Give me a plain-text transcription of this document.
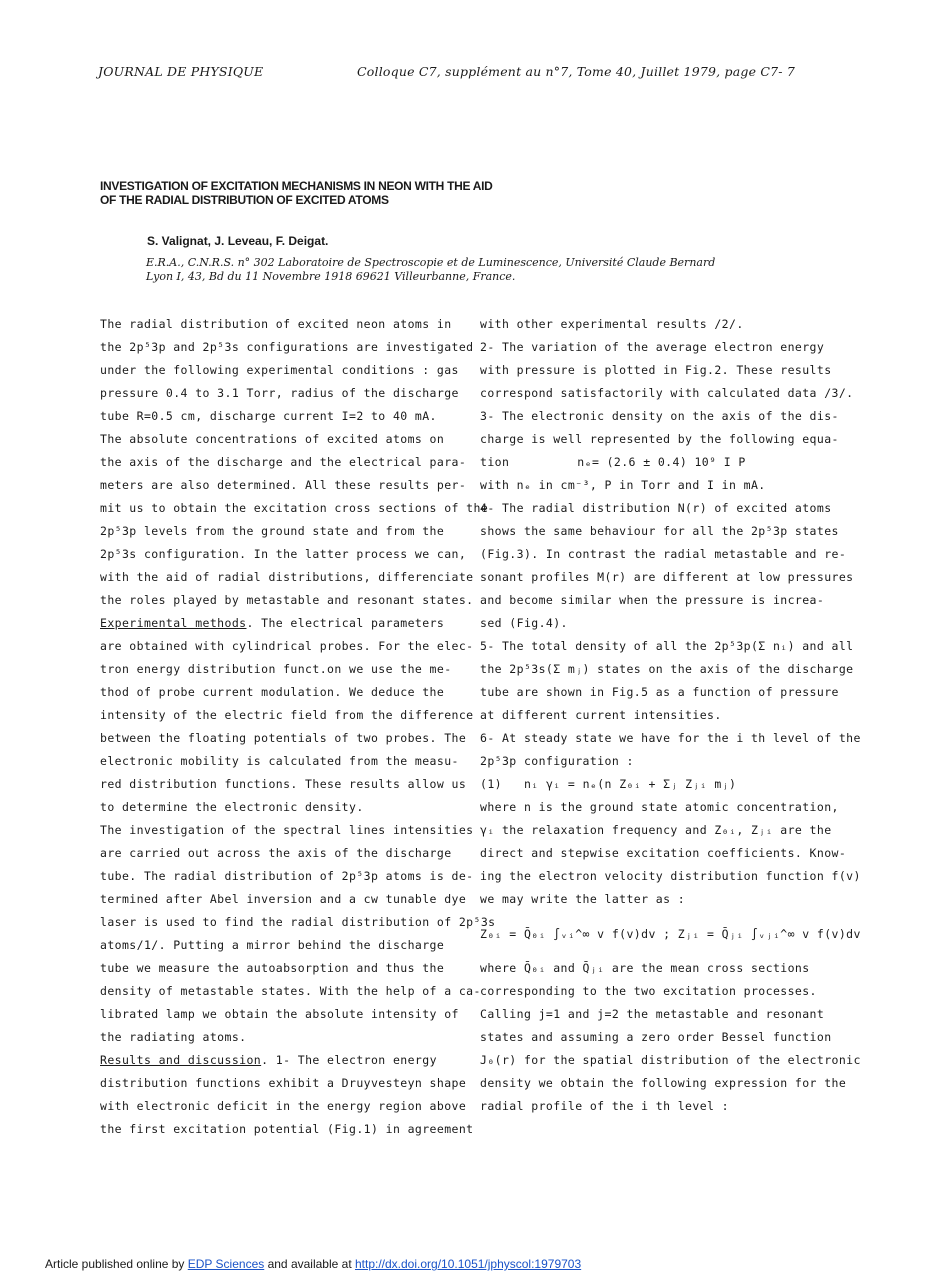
JOURNAL DE PHYSIQUE	Colloque C7, supplément au n°7, Tome 40, Juillet 1979, page C7- 7
INVESTIGATION OF EXCITATION MECHANISMS IN NEON WITH THE AID
OF THE RADIAL DISTRIBUTION OF EXCITED ATOMS
S. Valignat, J. Leveau, F. Deigat.
E.R.A., C.N.R.S. n° 302 Laboratoire de Spectroscopie et de Luminescence, Université Claude Bernard
Lyon I, 43, Bd du 11 Novembre 1918 69621 Villeurbanne, France.
The radial distribution of excited neon atoms in
the 2p⁵3p and 2p⁵3s configurations are investigated
under the following experimental conditions : gas
pressure 0.4 to 3.1 Torr, radius of the discharge
tube R=0.5 cm, discharge current I=2 to 40 mA.
The absolute concentrations of excited atoms on
the axis of the discharge and the electrical para-
meters are also determined. All these results per-
mit us to obtain the excitation cross sections of the
2p⁵3p levels from the ground state and from the
2p⁵3s configuration. In the latter process we can,
with the aid of radial distributions, differenciate
the roles played by metastable and resonant states.
Experimental methods. The electrical parameters
are obtained with cylindrical probes. For the elec-
tron energy distribution funct.on we use the me-
thod of probe current modulation. We deduce the
intensity of the electric field from the difference
between the floating potentials of two probes. The
electronic mobility is calculated from the measu-
red distribution functions. These results allow us
to determine the electronic density.
The investigation of the spectral lines intensities
are carried out across the axis of the discharge
tube. The radial distribution of 2p⁵3p atoms is de-
termined after Abel inversion and a cw tunable dye
laser is used to find the radial distribution of 2p⁵3s
atoms/1/. Putting a mirror behind the discharge
tube we measure the autoabsorption and thus the
density of metastable states. With the help of a ca-
librated lamp we obtain the absolute intensity of
the radiating atoms.
Results and discussion. 1- The electron energy
distribution functions exhibit a Druyvesteyn shape
with electronic deficit in the energy region above
the first excitation potential (Fig.1) in agreement
with other experimental results /2/.
2- The variation of the average electron energy
with pressure is plotted in Fig.2. These results
correspond satisfactorily with calculated data /3/.
3- The electronic density on the axis of the dis-
charge is well represented by the following equa-
tion	nₑ= (2.6 ± 0.4) 10⁹ I P
with nₑ in cm⁻³, P in Torr and I in mA.
4- The radial distribution N(r) of excited atoms
shows the same behaviour for all the 2p⁵3p states
(Fig.3). In contrast the radial metastable and re-
sonant profiles M(r) are different at low pressures
and become similar when the pressure is increa-
sed (Fig.4).
5- The total density of all the 2p⁵3p(Σ nᵢ) and all
the 2p⁵3s(Σ mⱼ) states on the axis of the discharge
tube are shown in Fig.5 as a function of pressure
at different current intensities.
6- At steady state we have for the i th level of the
2p⁵3p configuration :
(1) nᵢ γᵢ = nₑ(n Z₀ᵢ + Σⱼ Zⱼᵢ mⱼ)
where n is the ground state atomic concentration,
γᵢ the relaxation frequency and Z₀ᵢ, Zⱼᵢ are the
direct and stepwise excitation coefficients. Know-
ing the electron velocity distribution function f(v)
we may write the latter as :
Z₀ᵢ = Q̄₀ᵢ ∫ᵥᵢ^∞ v f(v)dv ; Zⱼᵢ = Q̄ⱼᵢ ∫ᵥⱼᵢ^∞ v f(v)dv
where Q̄₀ᵢ and Q̄ⱼᵢ are the mean cross sections
corresponding to the two excitation processes.
Calling j=1 and j=2 the metastable and resonant
states and assuming a zero order Bessel function
J₀(r) for the spatial distribution of the electronic
density we obtain the following expression for the
radial profile of the i th level :
Article published online by EDP Sciences and available at http://dx.doi.org/10.1051/jphyscol:1979703
